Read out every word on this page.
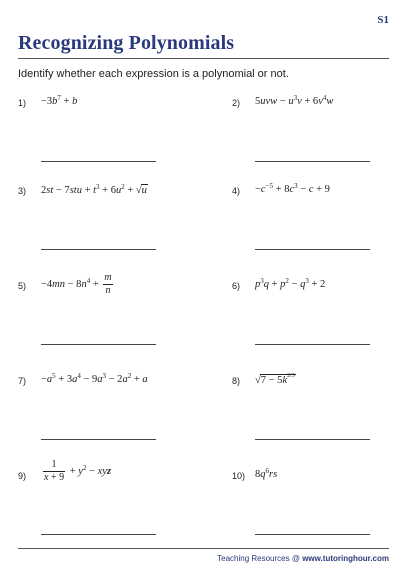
S1
Recognizing Polynomials
Identify whether each expression is a polynomial or not.
$1) -3b^7 + b$	2) $5uvw - u^3v + 6v^4w$
3) $2st - 7stu + t^3 + 6u^2 + √u$	$4) -c^{-5} + 8c^3 - c + 9$
$5) -4mn - 8n^4 + \frac{m}{n}$	6) $p^3q + p^2 - q^3 + 2$
$7) -a^5 + 3a^4 - 9a^3 - 2a^2 + a$	8) $√7 - 5k^{2/3}$
$9) \frac{1}{x + 9} + y^2$ − xyz	10) $8q^6rs$
Teaching Resources @ www.tutoringhour.com
